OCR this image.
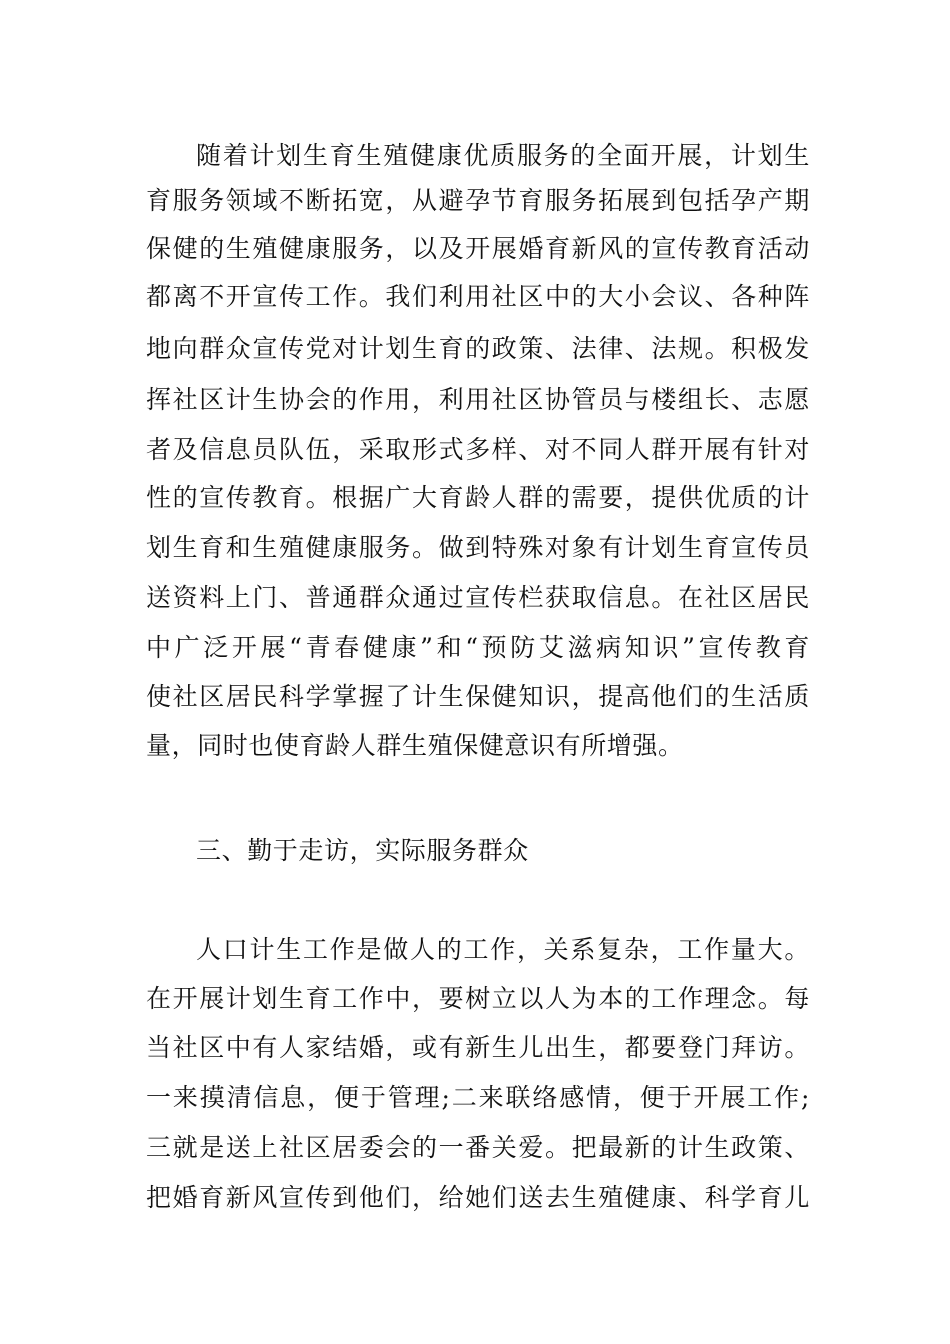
随着计划生育生殖健康优质服务的全面开展，计划生
育服务领域不断拓宽，从避孕节育服务拓展到包括孕产期
保健的生殖健康服务，以及开展婚育新风的宣传教育活动
都离不开宣传工作。我们利用社区中的大小会议、各种阵
地向群众宣传党对计划生育的政策、法律、法规。积极发
挥社区计生协会的作用，利用社区协管员与楼组长、志愿
者及信息员队伍，采取形式多样、对不同人群开展有针对
性的宣传教育。根据广大育龄人群的需要，提供优质的计
划生育和生殖健康服务。做到特殊对象有计划生育宣传员
送资料上门、普通群众通过宣传栏获取信息。在社区居民
中广泛开展“青春健康”和“预防艾滋病知识”宣传教育
使社区居民科学掌握了计生保健知识，提高他们的生活质
量，同时也使育龄人群生殖保健意识有所增强。
三、勤于走访，实际服务群众
人口计生工作是做人的工作，关系复杂，工作量大。
在开展计划生育工作中，要树立以人为本的工作理念。每
当社区中有人家结婚，或有新生儿出生，都要登门拜访。
一来摸清信息，便于管理;二来联络感情，便于开展工作;
三就是送上社区居委会的一番关爱。把最新的计生政策、
把婚育新风宣传到他们，给她们送去生殖健康、科学育儿
